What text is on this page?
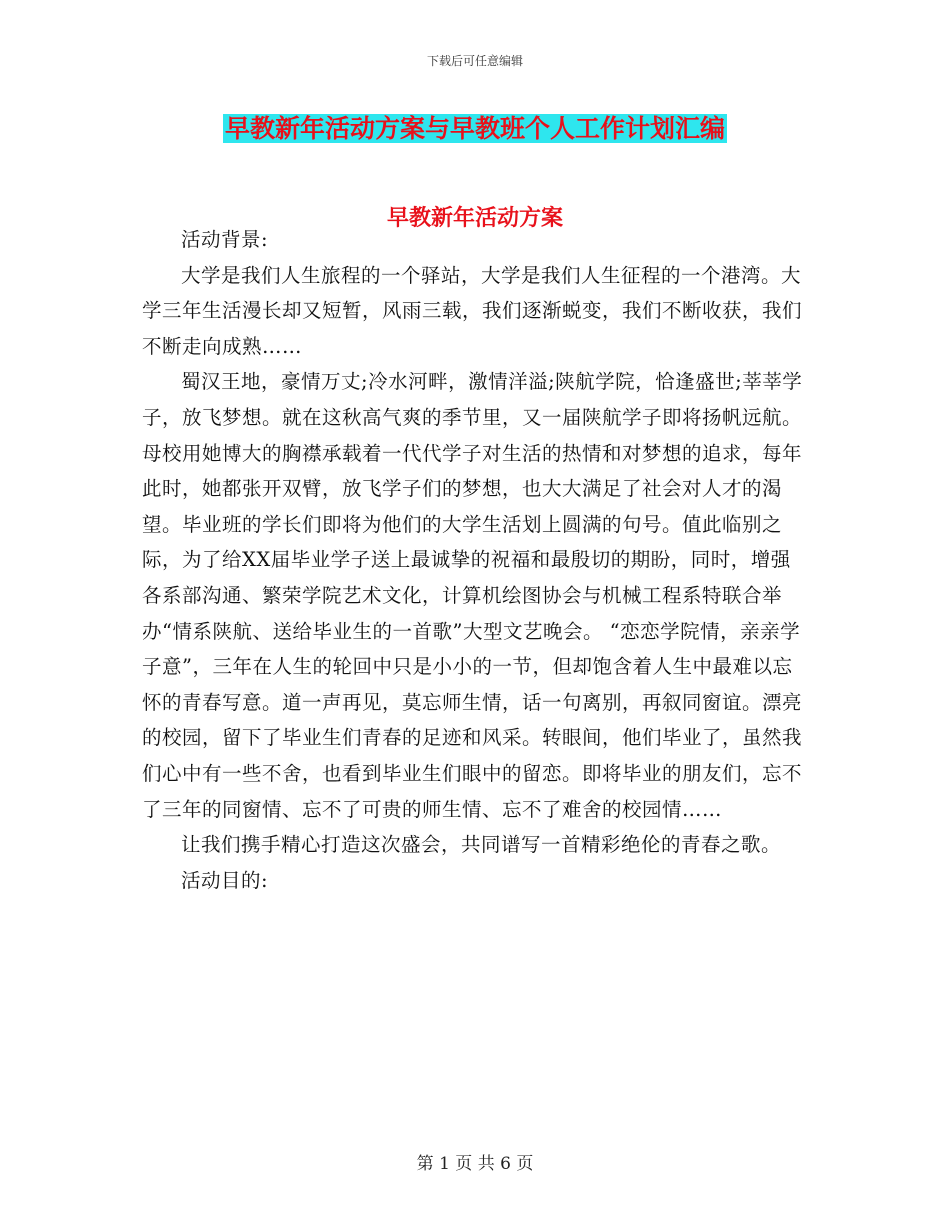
下载后可任意编辑
早教新年活动方案与早教班个人工作计划汇编
早教新年活动方案

活动背景:

大学是我们人生旅程的一个驿站，大学是我们人生征程的一个港湾。大学三年生活漫长却又短暂，风雨三载，我们逐渐蜕变，我们不断收获，我们不断走向成熟……

蜀汉王地，豪情万丈;冷水河畔，激情洋溢;陕航学院，恰逢盛世;莘莘学子，放飞梦想。就在这秋高气爽的季节里，又一届陕航学子即将扬帆远航。母校用她博大的胸襟承载着一代代学子对生活的热情和对梦想的追求，每年此时，她都张开双臂，放飞学子们的梦想，也大大满足了社会对人才的渴望。毕业班的学长们即将为他们的大学生活划上圆满的句号。值此临别之际，为了给XX届毕业学子送上最诚挚的祝福和最殷切的期盼，同时，增强各系部沟通、繁荣学院艺术文化，计算机绘图协会与机械工程系特联合举办“情系陕航、送给毕业生的一首歌”大型文艺晚会。 “恋恋学院情，亲亲学子意”，三年在人生的轮回中只是小小的一节，但却饱含着人生中最难以忘怀的青春写意。道一声再见，莫忘师生情，话一句离别，再叙同窗谊。漂亮的校园，留下了毕业生们青春的足迹和风采。转眼间，他们毕业了，虽然我们心中有一些不舍，也看到毕业生们眼中的留恋。即将毕业的朋友们，忘不了三年的同窗情、忘不了可贵的师生情、忘不了难舍的校园情……

让我们携手精心打造这次盛会，共同谱写一首精彩绝伦的青春之歌。

活动目的:

第 1 页 共 6 页
